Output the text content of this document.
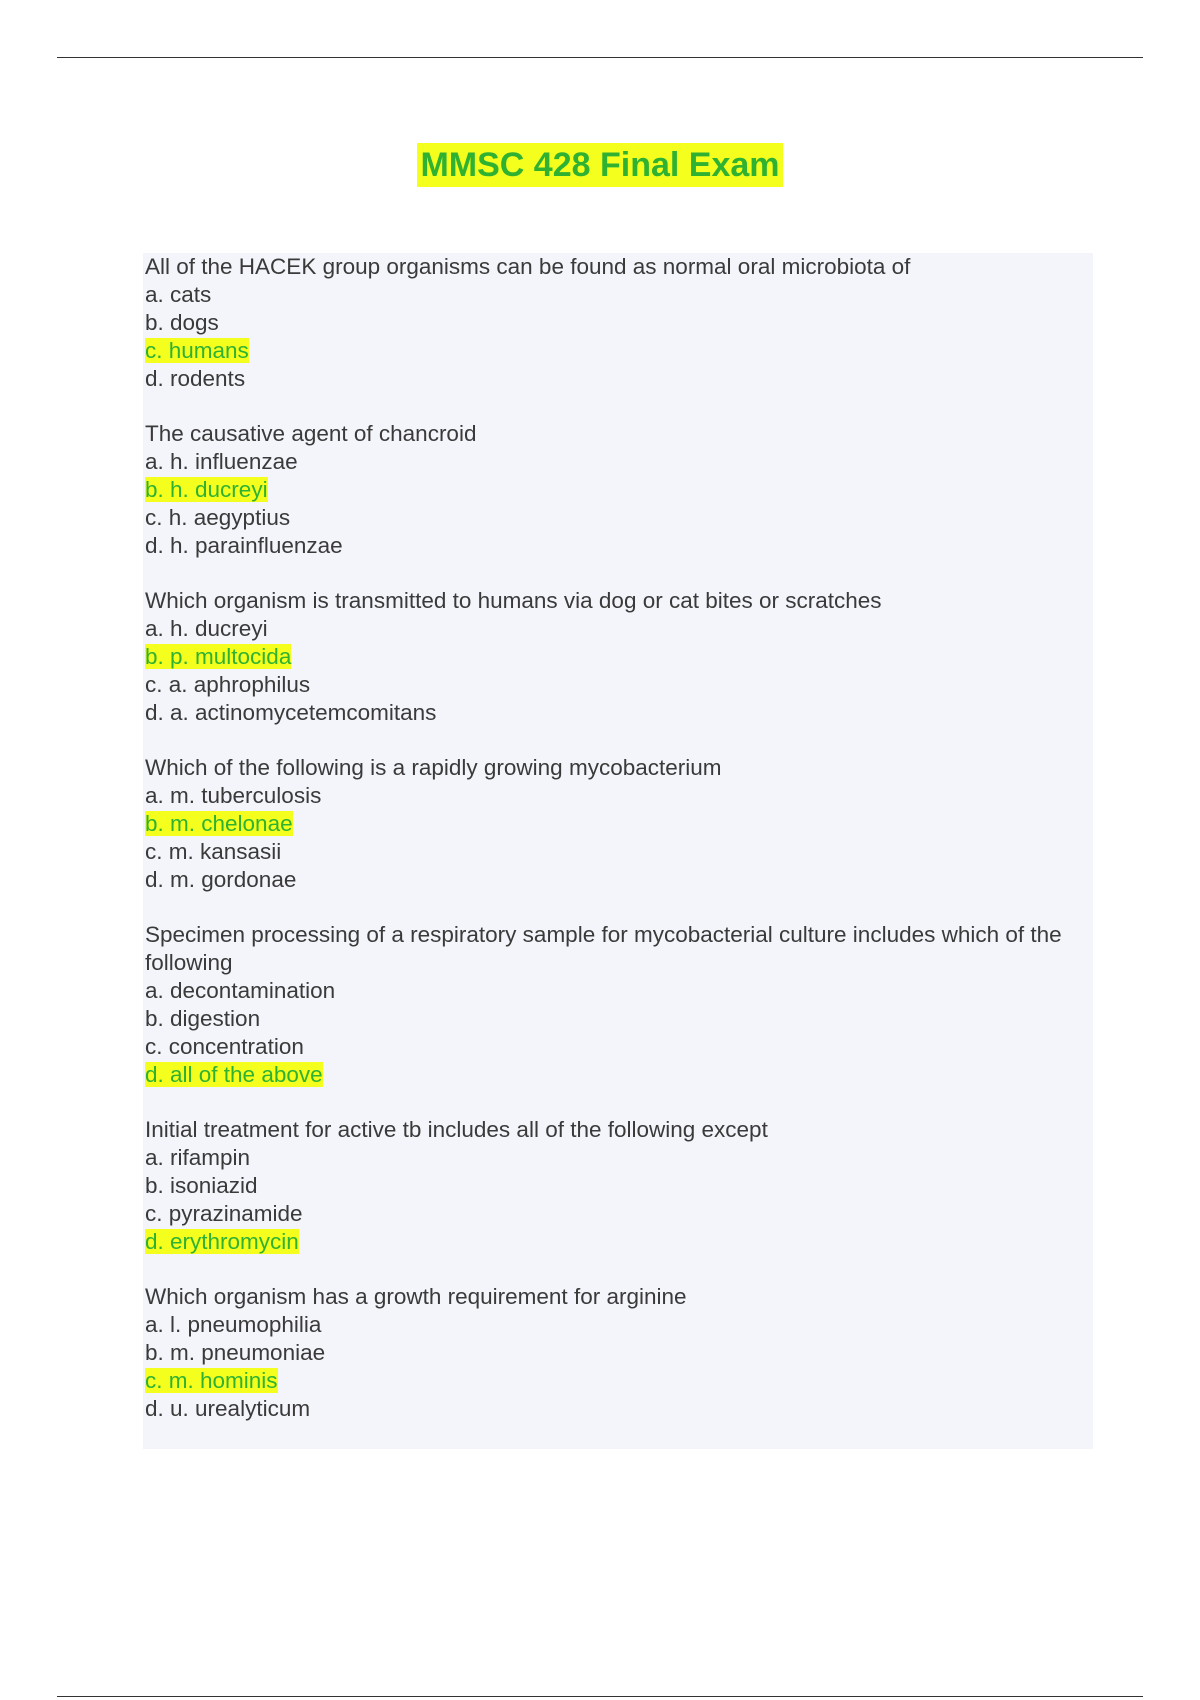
MMSC 428 Final Exam
All of the HACEK group organisms can be found as normal oral microbiota of
a. cats
b. dogs
c. humans
d. rodents
The causative agent of chancroid
a. h. influenzae
b. h. ducreyi
c. h. aegyptius
d. h. parainfluenzae
Which organism is transmitted to humans via dog or cat bites or scratches
a. h. ducreyi
b. p. multocida
c. a. aphrophilus
d. a. actinomycetemcomitans
Which of the following is a rapidly growing mycobacterium
a. m. tuberculosis
b. m. chelonae
c. m. kansasii
d. m. gordonae
Specimen processing of a respiratory sample for mycobacterial culture includes which of the following
a. decontamination
b. digestion
c. concentration
d. all of the above
Initial treatment for active tb includes all of the following except
a. rifampin
b. isoniazid
c. pyrazinamide
d. erythromycin
Which organism has a growth requirement for arginine
a. l. pneumophilia
b. m. pneumoniae
c. m. hominis
d. u. urealyticum
